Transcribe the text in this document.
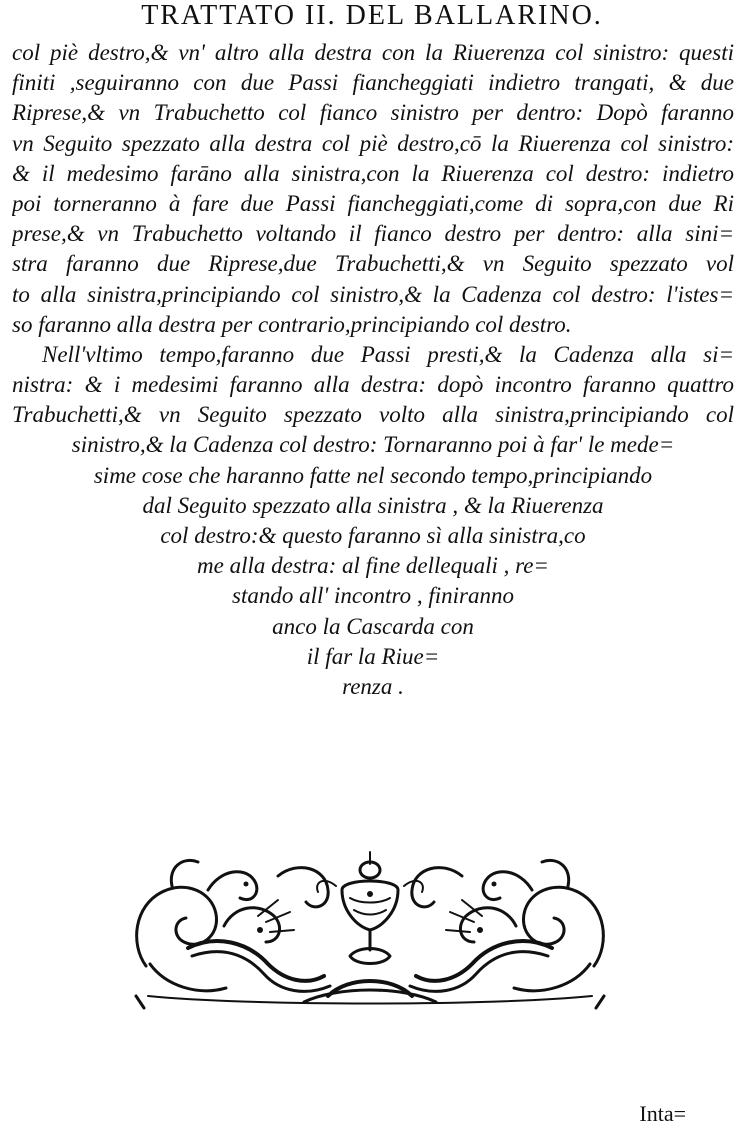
TRATTATO II. DEL BALLARINO.
col piè destro,& vn' altro alla destra con la Riuerenza col sinistro: questi
finiti ,seguiranno con due Passi fiancheggiati indietro trangati, & due
Riprese,& vn Trabuchetto col fianco sinistro per dentro: Dopò faranno
vn Seguito spezzato alla destra col piè destro,cō la Riuerenza col sinistro:
& il medesimo farāno alla sinistra,con la Riuerenza col destro: indietro
poi torneranno à fare due Passi fiancheggiati,come di sopra,con due Ri
prese,& vn Trabuchetto voltando il fianco destro per dentro: alla sini=
stra faranno due Riprese,due Trabuchetti,& vn Seguito spezzato vol
to alla sinistra,principiando col sinistro,& la Cadenza col destro: l'istes=
so faranno alla destra per contrario,principiando col destro.
Nell'vltimo tempo,faranno due Passi presti,& la Cadenza alla si=
nistra: & i medesimi faranno alla destra: dopò incontro faranno quattro
Trabuchetti,& vn Seguito spezzato volto alla sinistra,principiando col
sinistro,& la Cadenza col destro: Tornaranno poi à far' le mede=
sime cose che haranno fatte nel secondo tempo,principiando
dal Seguito spezzato alla sinistra , & la Riuerenza
col destro:& questo faranno sì alla sinistra,co
me alla destra: al fine dellequali , re=
stando all' incontro , finiranno
anco la Cascarda con
il far la Riue=
renza .
Inta=
